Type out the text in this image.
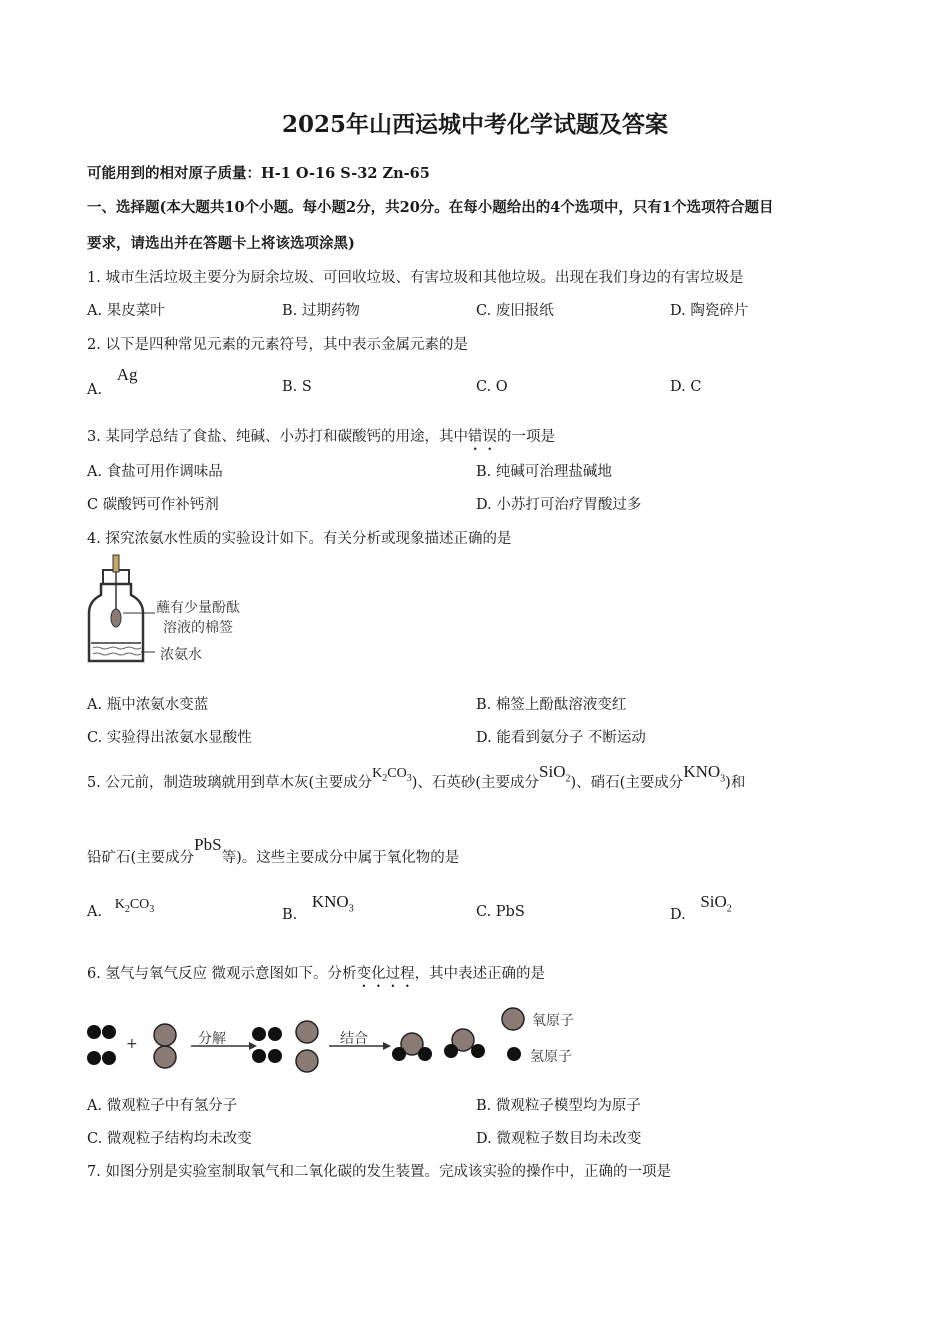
2025年山西运城中考化学试题及答案
可能用到的相对原子质量：H-1 O-16 S-32 Zn-65
一、选择题(本大题共10个小题。每小题2分，共20分。在每小题给出的4个选项中，只有1个选项符合题目
要求，请选出并在答题卡上将该选项涂黑)
1. 城市生活垃圾主要分为厨余垃圾、可回收垃圾、有害垃圾和其他垃圾。出现在我们身边的有害垃圾是
A. 果皮菜叶	B. 过期药物	C. 废旧报纸	D. 陶瓷碎片
2. 以下是四种常见元素的元素符号，其中表示金属元素的是
A. Ag
B. S	C. O	D. C
3. 某同学总结了食盐、纯碱、小苏打和碳酸钙的用途，其中错误的一项是
A. 食盐可用作调味品	B. 纯碱可治理盐碱地
C 碳酸钙可作补钙剂	D. 小苏打可治疗胃酸过多
4. 探究浓氨水性质的实验设计如下。有关分析或现象描述正确的是
蘸有少量酚酞
溶液的棉签
浓氨水
A. 瓶中浓氨水变蓝	B. 棉签上酚酞溶液变红
C. 实验得出浓氨水显酸性	D. 能看到氨分子 不断运动
5. 公元前，制造玻璃就用到草木灰(主要成分$K_2CO_3$)、石英砂(主要成分SiO$_2$)、硝石(主要成分$KNO_3$)和
铅矿石(主要成分PbS等)。这些主要成分中属于氧化物的是
A. $K_2CO_3$	B. $KNO_3$	C. PbS	D. SiO$_2$
6. 氢气与氧气反应 微观示意图如下。分析变化过程，其中表述正确的是
+	分解	结合
氧原子
氢原子
A. 微观粒子中有氢分子	B. 微观粒子模型均为原子
C. 微观粒子结构均未改变	D. 微观粒子数目均未改变
7. 如图分别是实验室制取氧气和二氧化碳的发生装置。完成该实验的操作中，正确的一项是
